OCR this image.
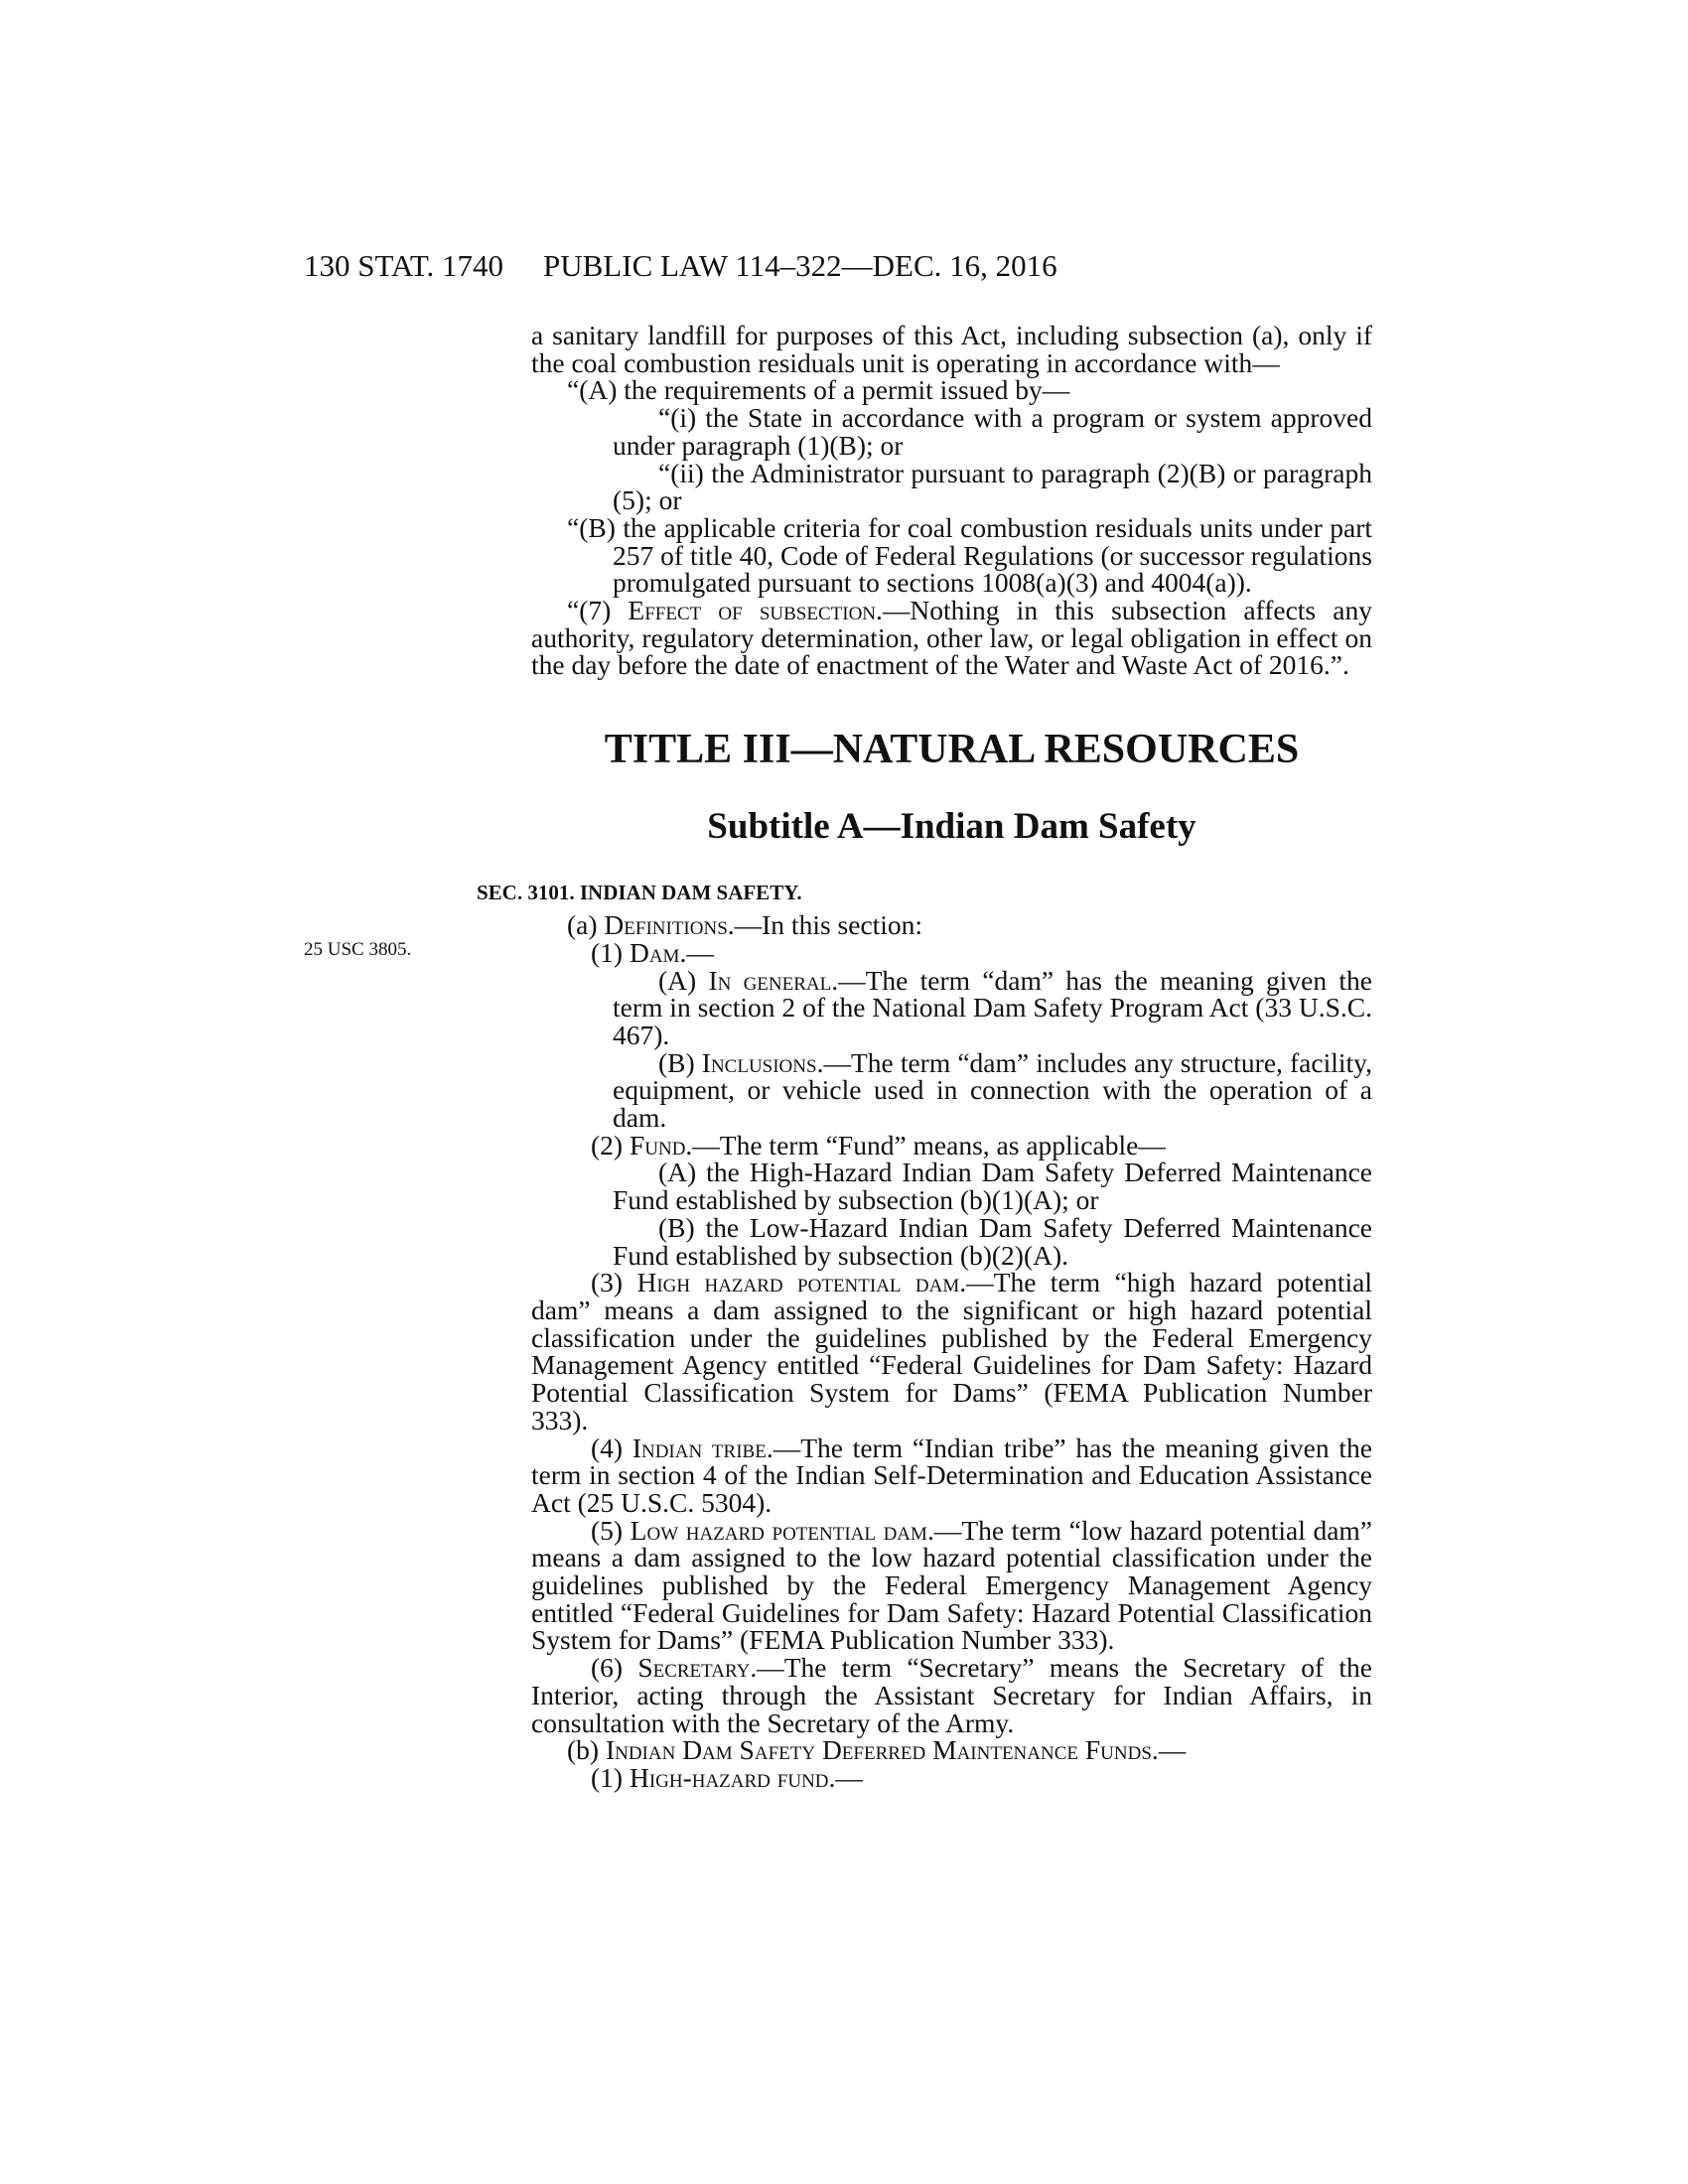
130 STAT. 1740 PUBLIC LAW 114–322—DEC. 16, 2016
25 USC 3805.

a sanitary landfill for purposes of this Act, including subsection (a), only if the coal combustion residuals unit is operating in accordance with—

“(A) the requirements of a permit issued by—

“(i) the State in accordance with a program or system approved under paragraph (1)(B); or

“(ii) the Administrator pursuant to paragraph (2)(B) or paragraph (5); or

“(B) the applicable criteria for coal combustion residuals units under part 257 of title 40, Code of Federal Regulations (or successor regulations promulgated pursuant to sections 1008(a)(3) and 4004(a)).

“(7) Effect of subsection.—Nothing in this subsection affects any authority, regulatory determination, other law, or legal obligation in effect on the day before the date of enactment of the Water and Waste Act of 2016.”.

TITLE III—NATURAL RESOURCES
Subtitle A—Indian Dam Safety
SEC. 3101. INDIAN DAM SAFETY.

(a) Definitions.—In this section:

(1) Dam.—

(A) In general.—The term “dam” has the meaning given the term in section 2 of the National Dam Safety Program Act (33 U.S.C. 467).

(B) Inclusions.—The term “dam” includes any structure, facility, equipment, or vehicle used in connection with the operation of a dam.

(2) Fund.—The term “Fund” means, as applicable—

(A) the High-Hazard Indian Dam Safety Deferred Maintenance Fund established by subsection (b)(1)(A); or

(B) the Low-Hazard Indian Dam Safety Deferred Maintenance Fund established by subsection (b)(2)(A).

(3) High hazard potential dam.—The term “high hazard potential dam” means a dam assigned to the significant or high hazard potential classification under the guidelines published by the Federal Emergency Management Agency entitled “Federal Guidelines for Dam Safety: Hazard Potential Classification System for Dams” (FEMA Publication Number 333).

(4) Indian tribe.—The term “Indian tribe” has the meaning given the term in section 4 of the Indian Self-Determination and Education Assistance Act (25 U.S.C. 5304).

(5) Low hazard potential dam.—The term “low hazard potential dam” means a dam assigned to the low hazard potential classification under the guidelines published by the Federal Emergency Management Agency entitled “Federal Guidelines for Dam Safety: Hazard Potential Classification System for Dams” (FEMA Publication Number 333).

(6) Secretary.—The term “Secretary” means the Secretary of the Interior, acting through the Assistant Secretary for Indian Affairs, in consultation with the Secretary of the Army.

(b) Indian Dam Safety Deferred Maintenance Funds.—

(1) High-hazard fund.—
